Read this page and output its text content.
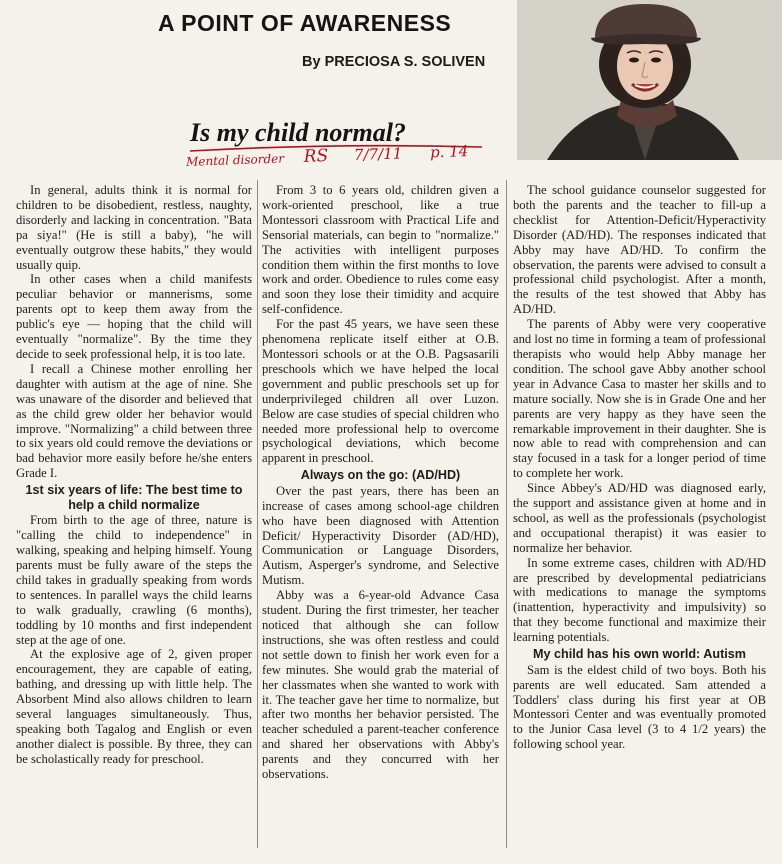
A POINT OF AWARENESS
By PRECIOSA S. SOLIVEN
Is my child normal?
Mental disorder RS 7/7/11 p. 14

In general, adults think it is normal for children to be disobedient, restless, naughty, disorderly and lacking in concentration. "Bata pa siya!" (He is still a baby), "he will eventually outgrow these habits," they would usually quip.

In other cases when a child manifests peculiar behavior or mannerisms, some parents opt to keep them away from the public's eye — hoping that the child will eventually "normalize". By the time they decide to seek professional help, it is too late.

I recall a Chinese mother enrolling her daughter with autism at the age of nine. She was unaware of the disorder and believed that as the child grew older her behavior would improve. "Normalizing" a child between three to six years old could remove the deviations or bad behavior more easily before he/she enters Grade I.

1st six years of life: The best time to help a child normalize

From birth to the age of three, nature is "calling the child to independence" in walking, speaking and helping himself. Young parents must be fully aware of the steps the child takes in gradually speaking from words to sentences. In parallel ways the child learns to walk gradually, crawling (6 months), toddling by 10 months and first independent step at the age of one.

At the explosive age of 2, given proper encouragement, they are capable of eating, bathing, and dressing up with little help. The Absorbent Mind also allows children to learn several languages simultaneously. Thus, speaking both Tagalog and English or even another dialect is possible. By three, they can be scholastically ready for preschool.

From 3 to 6 years old, children given a work-oriented preschool, like a true Montessori classroom with Practical Life and Sensorial materials, can begin to "normalize." The activities with intelligent purposes condition them within the first months to love work and order. Obedience to rules come easy and soon they lose their timidity and acquire self-confidence.

For the past 45 years, we have seen these phenomena replicate itself either at O.B. Montessori schools or at the O.B. Pagsasarili preschools which we have helped the local government and public preschools set up for underprivileged children all over Luzon. Below are case studies of special children who needed more professional help to overcome psychological deviations, which become apparent in preschool.

Always on the go: (AD/HD)

Over the past years, there has been an increase of cases among school-age children who have been diagnosed with Attention Deficit/ Hyperactivity Disorder (AD/HD), Communication or Language Disorders, Autism, Asperger's syndrome, and Selective Mutism.

Abby was a 6-year-old Advance Casa student. During the first trimester, her teacher noticed that although she can follow instructions, she was often restless and could not settle down to finish her work even for a few minutes. She would grab the material of her classmates when she wanted to work with it. The teacher gave her time to normalize, but after two months her behavior persisted. The teacher scheduled a parent-teacher conference and shared her observations with Abby's parents and they concurred with her observations.

The school guidance counselor suggested for both the parents and the teacher to fill-up a checklist for Attention-Deficit/Hyperactivity Disorder (AD/HD). The responses indicated that Abby may have AD/HD. To confirm the observation, the parents were advised to consult a professional child psychologist. After a month, the results of the test showed that Abby has AD/HD.

The parents of Abby were very cooperative and lost no time in forming a team of professional therapists who would help Abby manage her condition. The school gave Abby another school year in Advance Casa to master her skills and to mature socially. Now she is in Grade One and her parents are very happy as they have seen the remarkable improvement in their daughter. She is now able to read with comprehension and can stay focused in a task for a longer period of time to complete her work.

Since Abbey's AD/HD was diagnosed early, the support and assistance given at home and in school, as well as the professionals (psychologist and occupational therapist) it was easier to normalize her behavior.

In some extreme cases, children with AD/HD are prescribed by developmental pediatricians with medications to manage the symptoms (inattention, hyperactivity and impulsivity) so that they become functional and maximize their learning potentials.

My child has his own world: Autism

Sam is the eldest child of two boys. Both his parents are well educated. Sam attended a Toddlers' class during his first year at OB Montessori Center and was eventually promoted to the Junior Casa level (3 to 4 1/2 years) the following school year.
